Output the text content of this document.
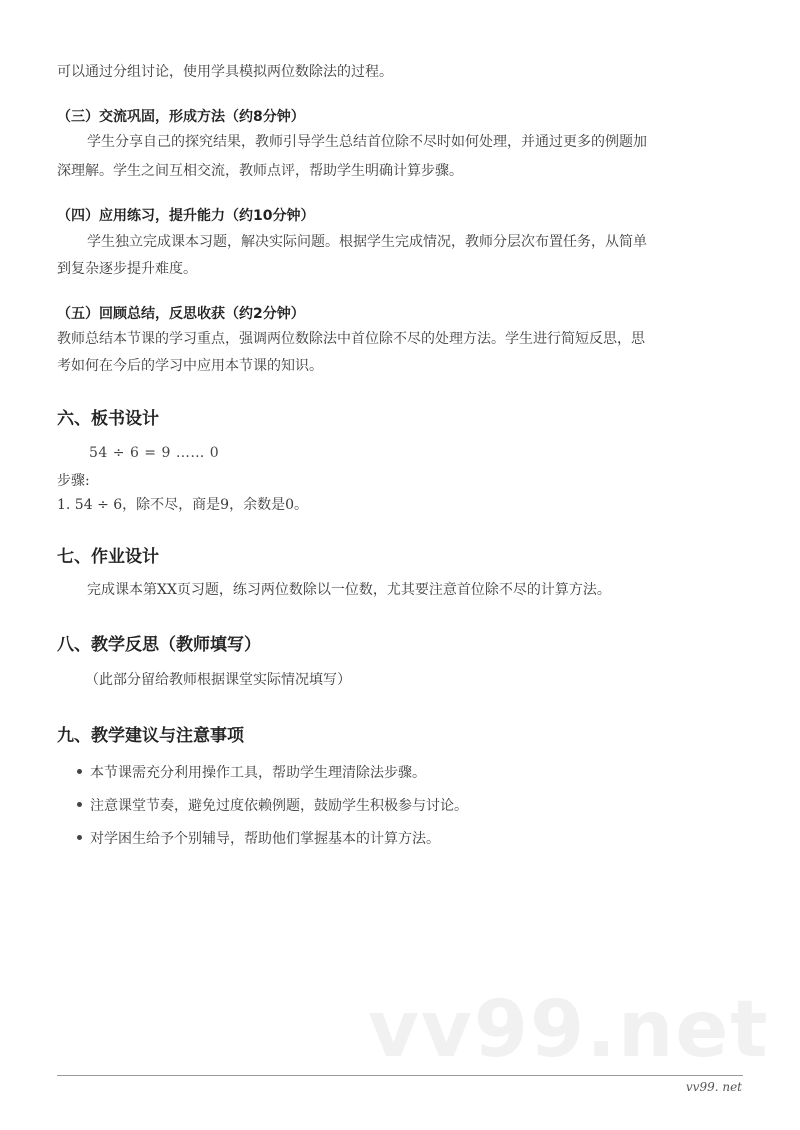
可以通过分组讨论，使用学具模拟两位数除法的过程。
（三）交流巩固，形成方法（约8分钟）
学生分享自己的探究结果，教师引导学生总结首位除不尽时如何处理，并通过更多的例题加
深理解。学生之间互相交流，教师点评，帮助学生明确计算步骤。
（四）应用练习，提升能力（约10分钟）
学生独立完成课本习题，解决实际问题。根据学生完成情况，教师分层次布置任务，从简单
到复杂逐步提升难度。
（五）回顾总结，反思收获（约2分钟）
教师总结本节课的学习重点，强调两位数除法中首位除不尽的处理方法。学生进行简短反思，思
考如何在今后的学习中应用本节课的知识。
六、板书设计
54 ÷ 6 = 9 …… 0
步骤:
1. 54 ÷ 6，除不尽，商是9，余数是0。
七、作业设计
完成课本第XX页习题，练习两位数除以一位数，尤其要注意首位除不尽的计算方法。
八、教学反思（教师填写）
（此部分留给教师根据课堂实际情况填写）
九、教学建议与注意事项
本节课需充分利用操作工具，帮助学生理清除法步骤。
注意课堂节奏，避免过度依赖例题，鼓励学生积极参与讨论。
对学困生给予个别辅导，帮助他们掌握基本的计算方法。
vv99.net
vv99. net
